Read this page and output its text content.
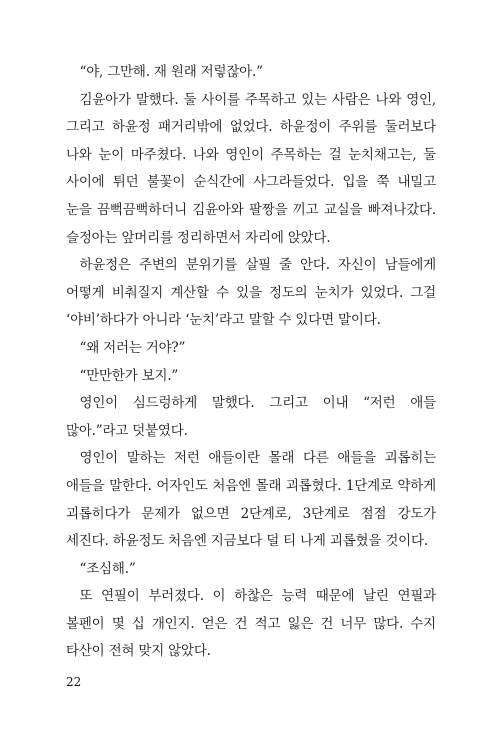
“야, 그만해. 재 원래 저렇잖아.”

김윤아가 말했다. 둘 사이를 주목하고 있는 사람은 나와 영인, 그리고 하윤정 패거리밖에 없었다. 하윤정이 주위를 둘러보다 나와 눈이 마주쳤다. 나와 영인이 주목하는 걸 눈치채고는, 둘 사이에 튀던 불꽃이 순식간에 사그라들었다. 입을 쭉 내밀고 눈을 끔뻑끔뻑하더니 김윤아와 팔짱을 끼고 교실을 빠져나갔다. 슬정아는 앞머리를 정리하면서 자리에 앉았다.

하윤정은 주변의 분위기를 살필 줄 안다. 자신이 남들에게 어떻게 비춰질지 계산할 수 있을 정도의 눈치가 있었다. 그걸 ‘야비’하다가 아니라 ‘눈치’라고 말할 수 있다면 말이다.

“왜 저러는 거야?”

“만만한가 보지.”

영인이 심드렁하게 말했다. 그리고 이내 “저런 애들 많아.”라고 덧붙였다.

영인이 말하는 저런 애들이란 몰래 다른 애들을 괴롭히는 애들을 말한다. 어자인도 처음엔 몰래 괴롭혔다. 1단계로 약하게 괴롭히다가 문제가 없으면 2단계로, 3단계로 점점 강도가 세진다. 하윤정도 처음엔 지금보다 덜 티 나게 괴롭혔을 것이다.

“조심해.”

또 연필이 부러졌다. 이 하찮은 능력 때문에 날린 연필과 볼펜이 몇 십 개인지. 얻은 건 적고 잃은 건 너무 많다. 수지 타산이 전혀 맞지 않았다.

22
